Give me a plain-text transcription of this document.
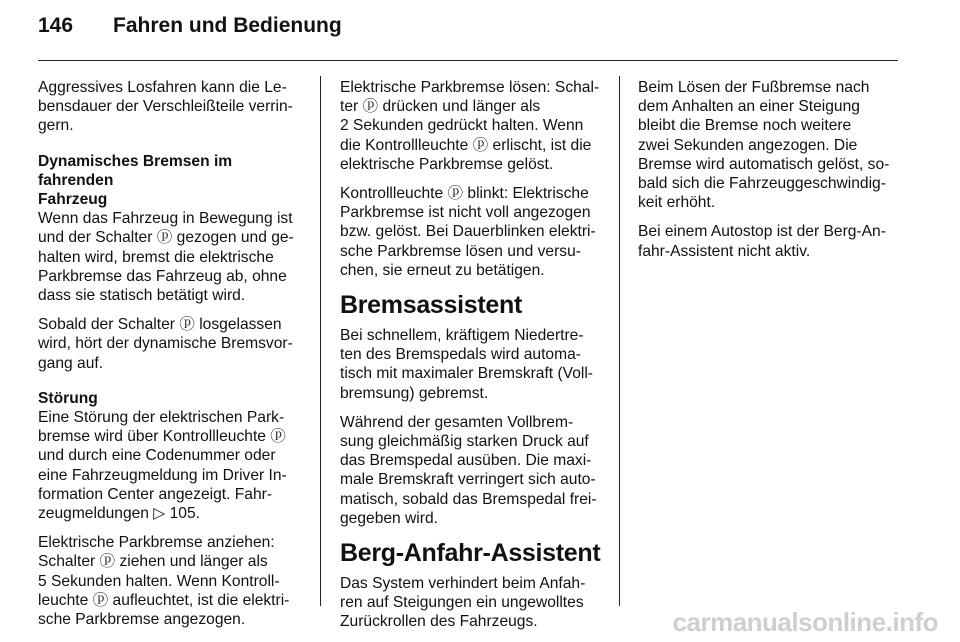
146 Fahren und Bedienung

Aggressives Losfahren kann die Le-
bensdauer der Verschleißteile verrin-
gern.

Dynamisches Bremsen im fahrenden
Fahrzeug

Wenn das Fahrzeug in Bewegung ist
und der Schalter ⓟ gezogen und ge-
halten wird, bremst die elektrische
Parkbremse das Fahrzeug ab, ohne
dass sie statisch betätigt wird.

Sobald der Schalter ⓟ losgelassen
wird, hört der dynamische Bremsvor-
gang auf.

Störung

Eine Störung der elektrischen Park-
bremse wird über Kontrollleuchte ⓟ
und durch eine Codenummer oder
eine Fahrzeugmeldung im Driver In-
formation Center angezeigt. Fahr-
zeugmeldungen ▷ 105.

Elektrische Parkbremse anziehen:
Schalter ⓟ ziehen und länger als
5 Sekunden halten. Wenn Kontroll-
leuchte ⓟ aufleuchtet, ist die elektri-
sche Parkbremse angezogen.

Elektrische Parkbremse lösen: Schal-
ter ⓟ drücken und länger als
2 Sekunden gedrückt halten. Wenn
die Kontrollleuchte ⓟ erlischt, ist die
elektrische Parkbremse gelöst.

Kontrollleuchte ⓟ blinkt: Elektrische
Parkbremse ist nicht voll angezogen
bzw. gelöst. Bei Dauerblinken elektri-
sche Parkbremse lösen und versu-
chen, sie erneut zu betätigen.

Bremsassistent

Bei schnellem, kräftigem Niedertre-
ten des Bremspedals wird automa-
tisch mit maximaler Bremskraft (Voll-
bremsung) gebremst.

Während der gesamten Vollbrem-
sung gleichmäßig starken Druck auf
das Bremspedal ausüben. Die maxi-
male Bremskraft verringert sich auto-
matisch, sobald das Bremspedal frei-
gegeben wird.

Berg-Anfahr-Assistent

Das System verhindert beim Anfah-
ren auf Steigungen ein ungewolltes
Zurückrollen des Fahrzeugs.

Beim Lösen der Fußbremse nach
dem Anhalten an einer Steigung
bleibt die Bremse noch weitere
zwei Sekunden angezogen. Die
Bremse wird automatisch gelöst, so-
bald sich die Fahrzeuggeschwindig-
keit erhöht.

Bei einem Autostop ist der Berg-An-
fahr-Assistent nicht aktiv.

carmanualsonline.info
